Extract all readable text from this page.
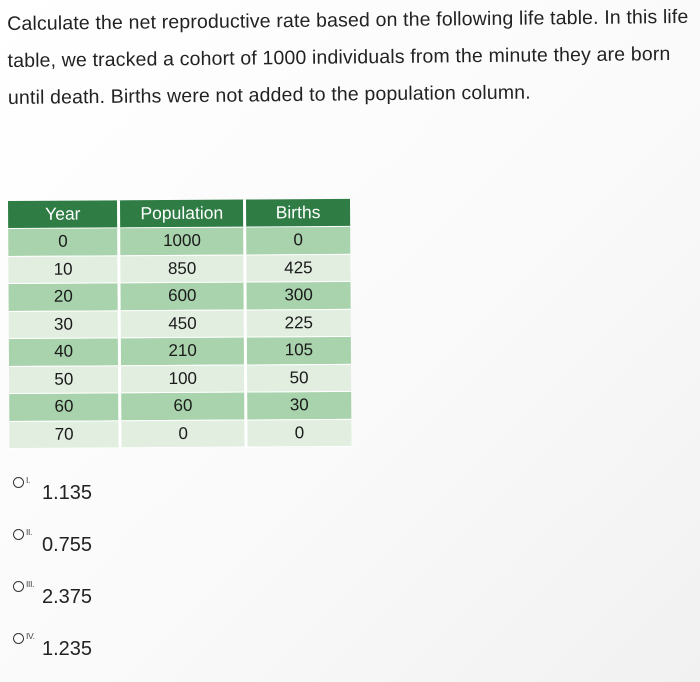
Calculate the net reproductive rate based on the following life table. In this life table, we tracked a cohort of 1000 individuals from the minute they are born until death. Births were not added to the population column.
Year	Population	Births
0	1000	0
10	850	425
20	600	300
30	450	225
40	210	105
50	100	50
60	60	30
70	0	0
I.
1.135
II.
0.755
III.
2.375
IV.
1.235
